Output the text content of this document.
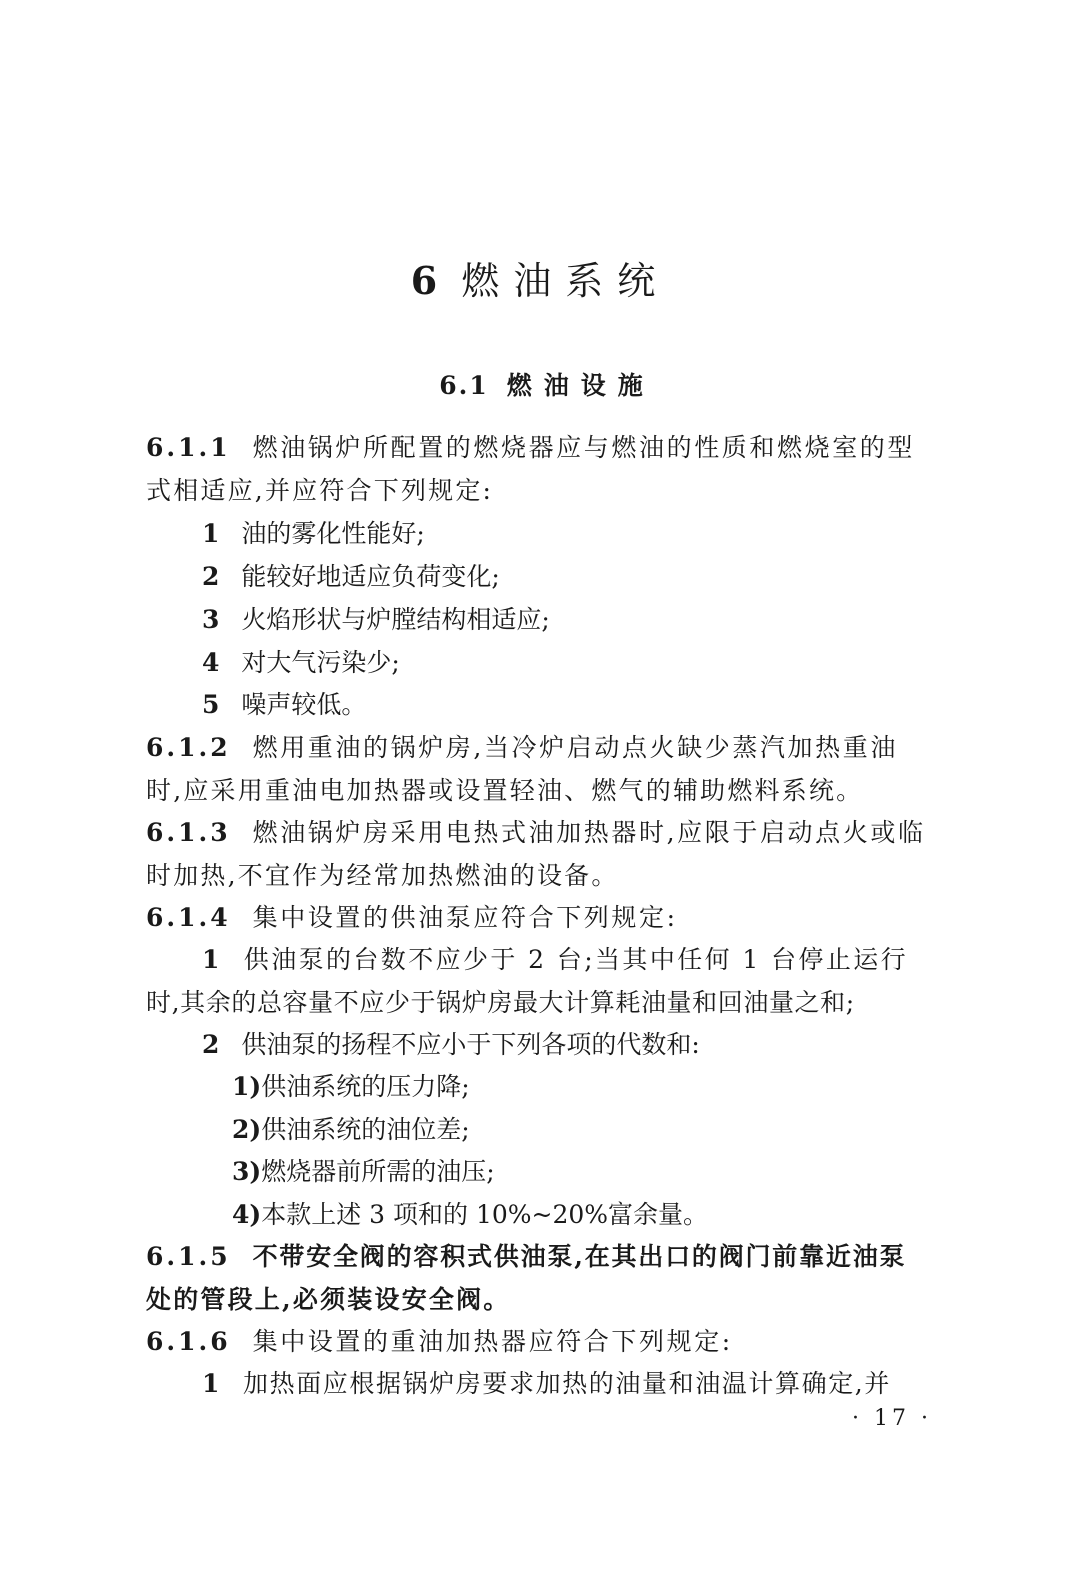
6 燃油系统
6.1 燃油设施
6.1.1 燃油锅炉所配置的燃烧器应与燃油的性质和燃烧室的型
式相适应,并应符合下列规定:
1 油的雾化性能好;
2 能较好地适应负荷变化;
3 火焰形状与炉膛结构相适应;
4 对大气污染少;
5 噪声较低。
6.1.2 燃用重油的锅炉房,当冷炉启动点火缺少蒸汽加热重油
时,应采用重油电加热器或设置轻油、燃气的辅助燃料系统。
6.1.3 燃油锅炉房采用电热式油加热器时,应限于启动点火或临
时加热,不宜作为经常加热燃油的设备。
6.1.4 集中设置的供油泵应符合下列规定:
1 供油泵的台数不应少于 2 台;当其中任何 1 台停止运行
时,其余的总容量不应少于锅炉房最大计算耗油量和回油量之和;
2 供油泵的扬程不应小于下列各项的代数和:
1)供油系统的压力降;
2)供油系统的油位差;
3)燃烧器前所需的油压;
4)本款上述 3 项和的 10%~20%富余量。
6.1.5 不带安全阀的容积式供油泵,在其出口的阀门前靠近油泵
处的管段上,必须装设安全阀。
6.1.6 集中设置的重油加热器应符合下列规定:
1 加热面应根据锅炉房要求加热的油量和油温计算确定,并
· 17 ·
